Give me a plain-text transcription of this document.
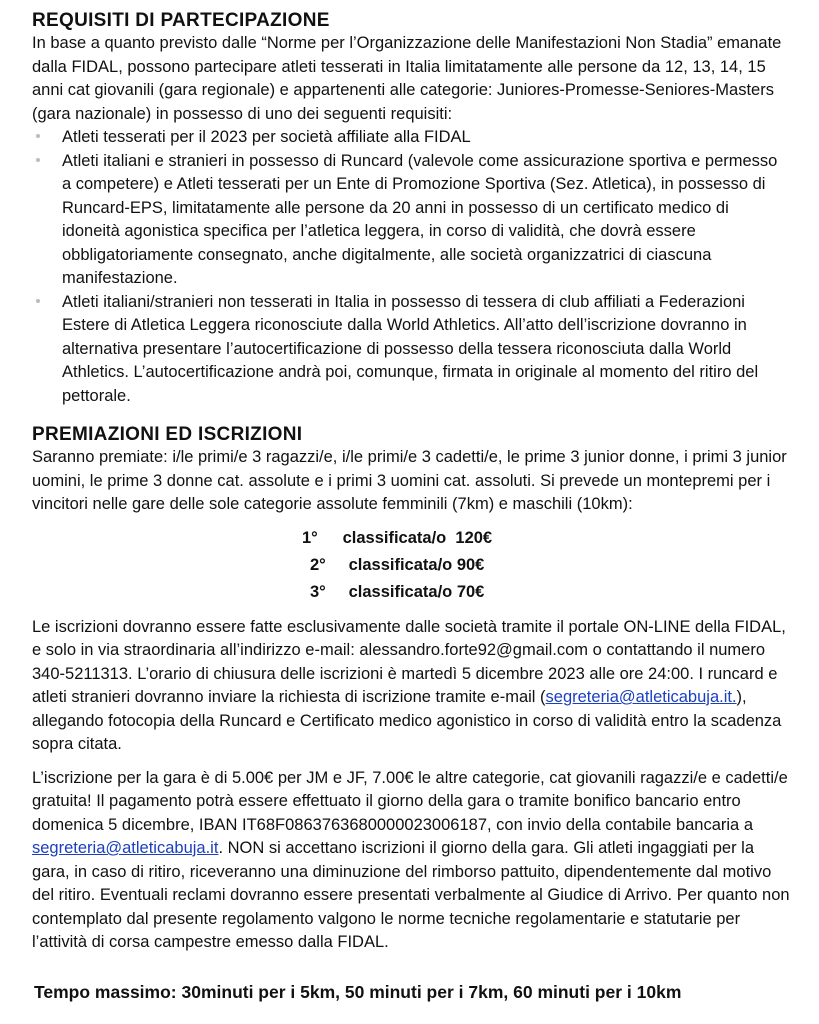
REQUISITI DI PARTECIPAZIONE

In base a quanto previsto dalle “Norme per l’Organizzazione delle Manifestazioni Non Stadia” emanate dalla FIDAL, possono partecipare atleti tesserati in Italia limitatamente alle persone da 12, 13, 14, 15 anni cat giovanili (gara regionale) e appartenenti alle categorie: Juniores-Promesse-Seniores-Masters (gara nazionale) in possesso di uno dei seguenti requisiti:

Atleti tesserati per il 2023 per società affiliate alla FIDAL
Atleti italiani e stranieri in possesso di Runcard (valevole come assicurazione sportiva e permesso a competere) e Atleti tesserati per un Ente di Promozione Sportiva (Sez. Atletica), in possesso di Runcard-EPS, limitatamente alle persone da 20 anni in possesso di un certificato medico di idoneità agonistica specifica per l’atletica leggera, in corso di validità, che dovrà essere obbligatoriamente consegnato, anche digitalmente, alle società organizzatrici di ciascuna manifestazione.
Atleti italiani/stranieri non tesserati in Italia in possesso di tessera di club affiliati a Federazioni Estere di Atletica Leggera riconosciute dalla World Athletics. All’atto dell’iscrizione dovranno in alternativa presentare l’autocertificazione di possesso della tessera riconosciuta dalla World Athletics. L’autocertificazione andrà poi, comunque, firmata in originale al momento del ritiro del pettorale.
PREMIAZIONI ED ISCRIZIONI

Saranno premiate: i/le primi/e 3 ragazzi/e, i/le primi/e 3 cadetti/e, le prime 3 junior donne, i primi 3 junior uomini, le prime 3 donne cat. assolute e i primi 3 uomini cat. assoluti. Si prevede un montepremi per i vincitori nelle gare delle sole categorie assolute femminili (7km) e maschili (10km):

1° classificata/o 120€
2° classificata/o 90€
3° classificata/o 70€

Le iscrizioni dovranno essere fatte esclusivamente dalle società tramite il portale ON-LINE della FIDAL, e solo in via straordinaria all’indirizzo e-mail: alessandro.forte92@gmail.com o contattando il numero 340-5211313. L’orario di chiusura delle iscrizioni è martedì 5 dicembre 2023 alle ore 24:00. I runcard e atleti stranieri dovranno inviare la richiesta di iscrizione tramite e-mail (segreteria@atleticabuja.it.), allegando fotocopia della Runcard e Certificato medico agonistico in corso di validità entro la scadenza sopra citata.

L’iscrizione per la gara è di 5.00€ per JM e JF, 7.00€ le altre categorie, cat giovanili ragazzi/e e cadetti/e gratuita! Il pagamento potrà essere effettuato il giorno della gara o tramite bonifico bancario entro domenica 5 dicembre, IBAN IT68F0863763680000023006187, con invio della contabile bancaria a segreteria@atleticabuja.it. NON si accettano iscrizioni il giorno della gara. Gli atleti ingaggiati per la gara, in caso di ritiro, riceveranno una diminuzione del rimborso pattuito, dipendentemente dal motivo del ritiro. Eventuali reclami dovranno essere presentati verbalmente al Giudice di Arrivo. Per quanto non contemplato dal presente regolamento valgono le norme tecniche regolamentarie e statutarie per l’attività di corsa campestre emesso dalla FIDAL.

Tempo massimo: 30minuti per i 5km, 50 minuti per i 7km, 60 minuti per i 10km
